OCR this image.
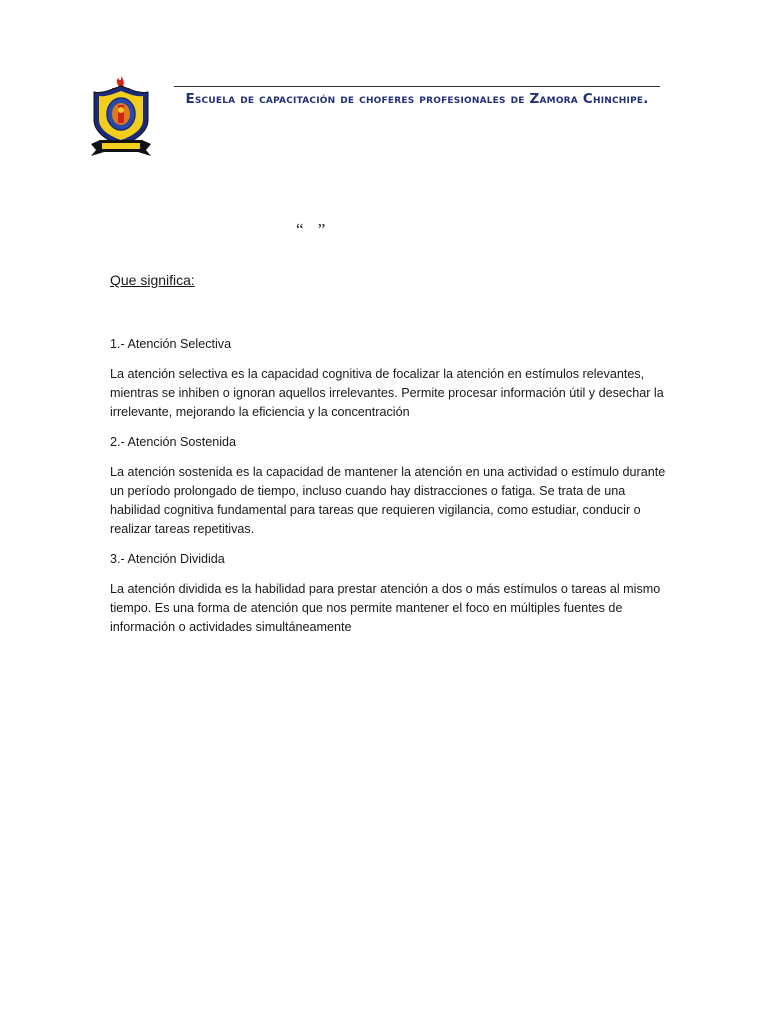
Escuela de capacitación de choferes profesionales de Zamora Chinchipe.
“ ”
Que significa:

1.- Atención Selectiva

La atención selectiva es la capacidad cognitiva de focalizar la atención en estímulos relevantes, mientras se inhiben o ignoran aquellos irrelevantes. Permite procesar información útil y desechar la irrelevante, mejorando la eficiencia y la concentración

2.- Atención Sostenida

La atención sostenida es la capacidad de mantener la atención en una actividad o estímulo durante un período prolongado de tiempo, incluso cuando hay distracciones o fatiga. Se trata de una habilidad cognitiva fundamental para tareas que requieren vigilancia, como estudiar, conducir o realizar tareas repetitivas.

3.- Atención Dividida

La atención dividida es la habilidad para prestar atención a dos o más estímulos o tareas al mismo tiempo. Es una forma de atención que nos permite mantener el foco en múltiples fuentes de información o actividades simultáneamente
